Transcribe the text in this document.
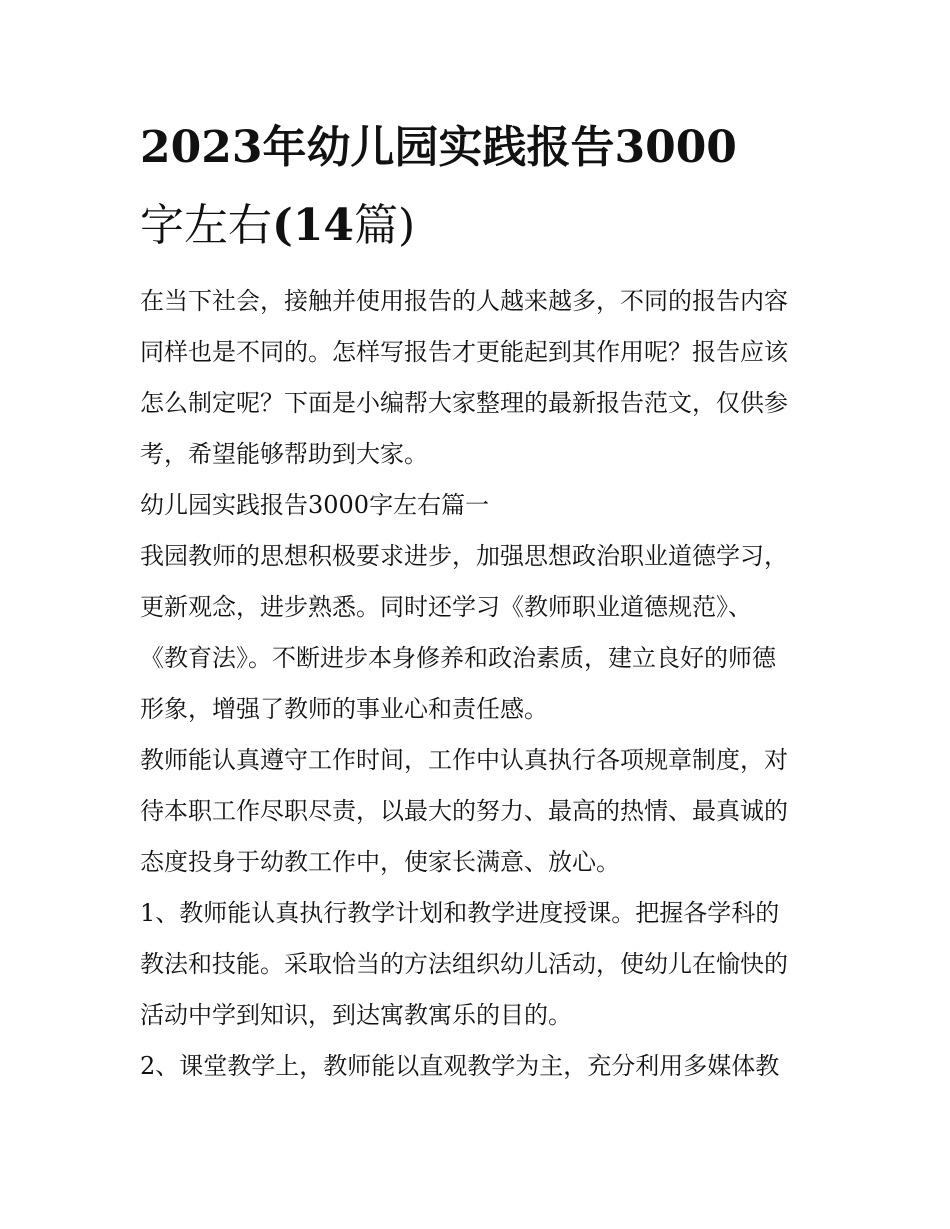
2023年幼儿园实践报告3000
字左右(14篇)
在当下社会，接触并使用报告的人越来越多，不同的报告内容
同样也是不同的。怎样写报告才更能起到其作用呢？报告应该
怎么制定呢？下面是小编帮大家整理的最新报告范文，仅供参
考，希望能够帮助到大家。
幼儿园实践报告3000字左右篇一
我园教师的思想积极要求进步，加强思想政治职业道德学习，
更新观念，进步熟悉。同时还学习《教师职业道德规范》、
《教育法》。不断进步本身修养和政治素质，建立良好的师德
形象，增强了教师的事业心和责任感。
教师能认真遵守工作时间，工作中认真执行各项规章制度，对
待本职工作尽职尽责，以最大的努力、最高的热情、最真诚的
态度投身于幼教工作中，使家长满意、放心。
1、教师能认真执行教学计划和教学进度授课。把握各学科的
教法和技能。采取恰当的方法组织幼儿活动，使幼儿在愉快的
活动中学到知识，到达寓教寓乐的目的。
2、课堂教学上，教师能以直观教学为主，充分利用多媒体教
